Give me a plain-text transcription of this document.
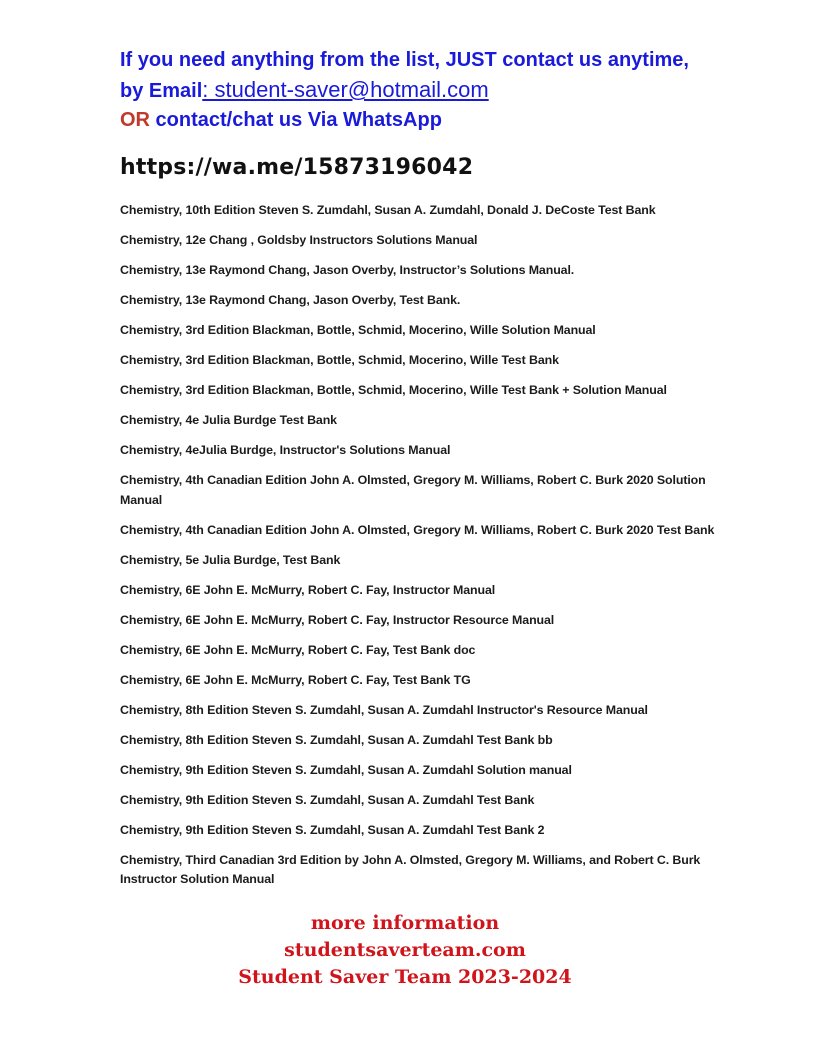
If you need anything from the list, JUST contact us anytime,
by Email: student-saver@hotmail.com
OR contact/chat us Via WhatsApp
https://wa.me/15873196042
Chemistry, 10th Edition Steven S. Zumdahl, Susan A. Zumdahl, Donald J. DeCoste Test Bank
Chemistry, 12e Chang , Goldsby Instructors Solutions Manual
Chemistry, 13e Raymond Chang, Jason Overby, Instructor’s Solutions Manual.
Chemistry, 13e Raymond Chang, Jason Overby, Test Bank.
Chemistry, 3rd Edition Blackman, Bottle, Schmid, Mocerino, Wille Solution Manual
Chemistry, 3rd Edition Blackman, Bottle, Schmid, Mocerino, Wille Test Bank
Chemistry, 3rd Edition Blackman, Bottle, Schmid, Mocerino, Wille Test Bank + Solution Manual
Chemistry, 4e Julia Burdge Test Bank
Chemistry, 4eJulia Burdge, Instructor's Solutions Manual
Chemistry, 4th Canadian Edition John A. Olmsted, Gregory M. Williams, Robert C. Burk 2020 Solution Manual
Chemistry, 4th Canadian Edition John A. Olmsted, Gregory M. Williams, Robert C. Burk 2020 Test Bank
Chemistry, 5e Julia Burdge, Test Bank
Chemistry, 6E John E. McMurry, Robert C. Fay, Instructor Manual
Chemistry, 6E John E. McMurry, Robert C. Fay, Instructor Resource Manual
Chemistry, 6E John E. McMurry, Robert C. Fay, Test Bank doc
Chemistry, 6E John E. McMurry, Robert C. Fay, Test Bank TG
Chemistry, 8th Edition Steven S. Zumdahl, Susan A. Zumdahl Instructor's Resource Manual
Chemistry, 8th Edition Steven S. Zumdahl, Susan A. Zumdahl Test Bank bb
Chemistry, 9th Edition Steven S. Zumdahl, Susan A. Zumdahl Solution manual
Chemistry, 9th Edition Steven S. Zumdahl, Susan A. Zumdahl Test Bank
Chemistry, 9th Edition Steven S. Zumdahl, Susan A. Zumdahl Test Bank 2
Chemistry, Third Canadian 3rd Edition by John A. Olmsted, Gregory M. Williams, and Robert C. Burk Instructor Solution Manual
more information
studentsaverteam.com
Student Saver Team 2023-2024
